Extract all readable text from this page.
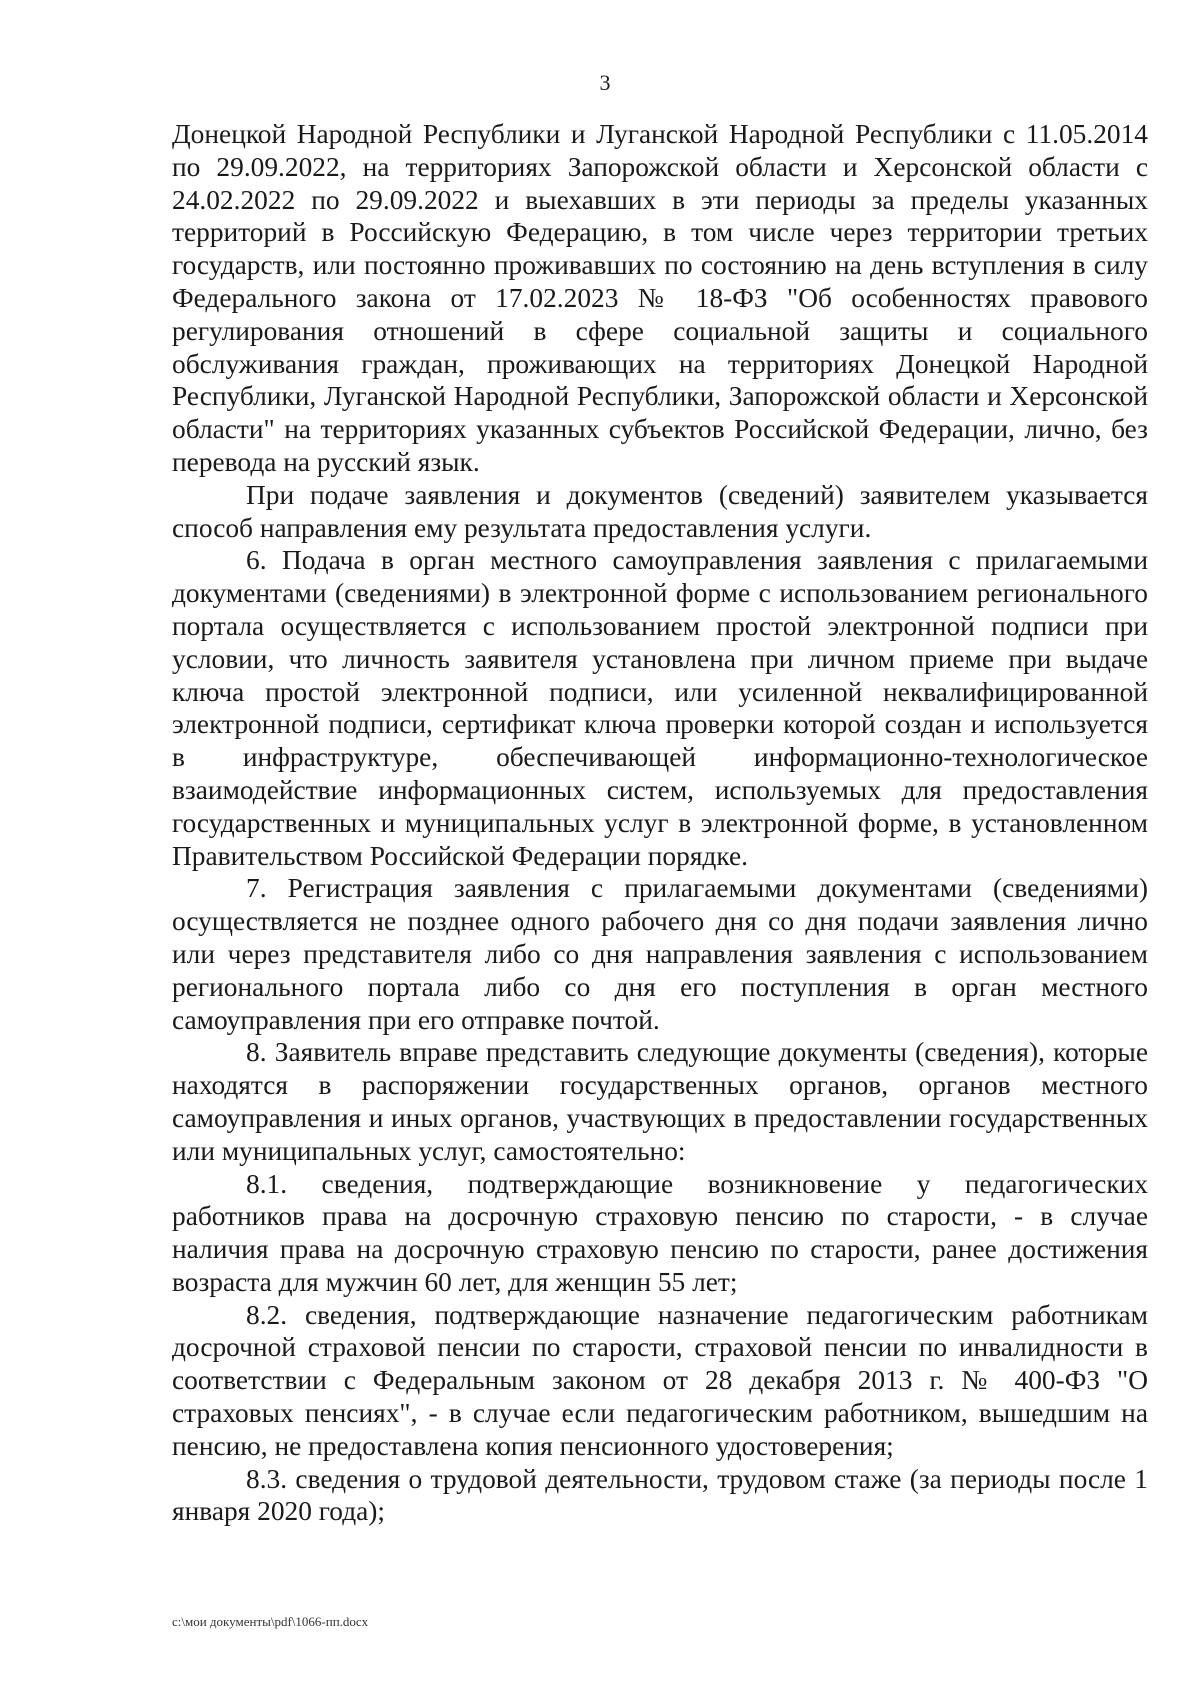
3

Донецкой Народной Республики и Луганской Народной Республики с 11.05.2014 по 29.09.2022, на территориях Запорожской области и Херсонской области с 24.02.2022 по 29.09.2022 и выехавших в эти периоды за пределы указанных территорий в Российскую Федерацию, в том числе через территории третьих государств, или постоянно проживавших по состоянию на день вступления в силу Федерального закона от 17.02.2023 № 18-ФЗ "Об особенностях правового регулирования отношений в сфере социальной защиты и социального обслуживания граждан, проживающих на территориях Донецкой Народной Республики, Луганской Народной Республики, Запорожской области и Херсонской области" на территориях указанных субъектов Российской Федерации, лично, без перевода на русский язык.

При подаче заявления и документов (сведений) заявителем указывается способ направления ему результата предоставления услуги.

6. Подача в орган местного самоуправления заявления с прилагаемыми документами (сведениями) в электронной форме с использованием регионального портала осуществляется с использованием простой электронной подписи при условии, что личность заявителя установлена при личном приеме при выдаче ключа простой электронной подписи, или усиленной неквалифицированной электронной подписи, сертификат ключа проверки которой создан и используется в инфраструктуре, обеспечивающей информационно-технологическое взаимодействие информационных систем, используемых для предоставления государственных и муниципальных услуг в электронной форме, в установленном Правительством Российской Федерации порядке.

7. Регистрация заявления с прилагаемыми документами (сведениями) осуществляется не позднее одного рабочего дня со дня подачи заявления лично или через представителя либо со дня направления заявления с использованием регионального портала либо со дня его поступления в орган местного самоуправления при его отправке почтой.

8. Заявитель вправе представить следующие документы (сведения), которые находятся в распоряжении государственных органов, органов местного самоуправления и иных органов, участвующих в предоставлении государственных или муниципальных услуг, самостоятельно:

8.1. сведения, подтверждающие возникновение у педагогических работников права на досрочную страховую пенсию по старости, - в случае наличия права на досрочную страховую пенсию по старости, ранее достижения возраста для мужчин 60 лет, для женщин 55 лет;

8.2. сведения, подтверждающие назначение педагогическим работникам досрочной страховой пенсии по старости, страховой пенсии по инвалидности в соответствии с Федеральным законом от 28 декабря 2013 г. № 400-ФЗ "О страховых пенсиях", - в случае если педагогическим работником, вышедшим на пенсию, не предоставлена копия пенсионного удостоверения;

8.3. сведения о трудовой деятельности, трудовом стаже (за периоды после 1 января 2020 года);

c:\мои документы\pdf\1066-пп.docx
